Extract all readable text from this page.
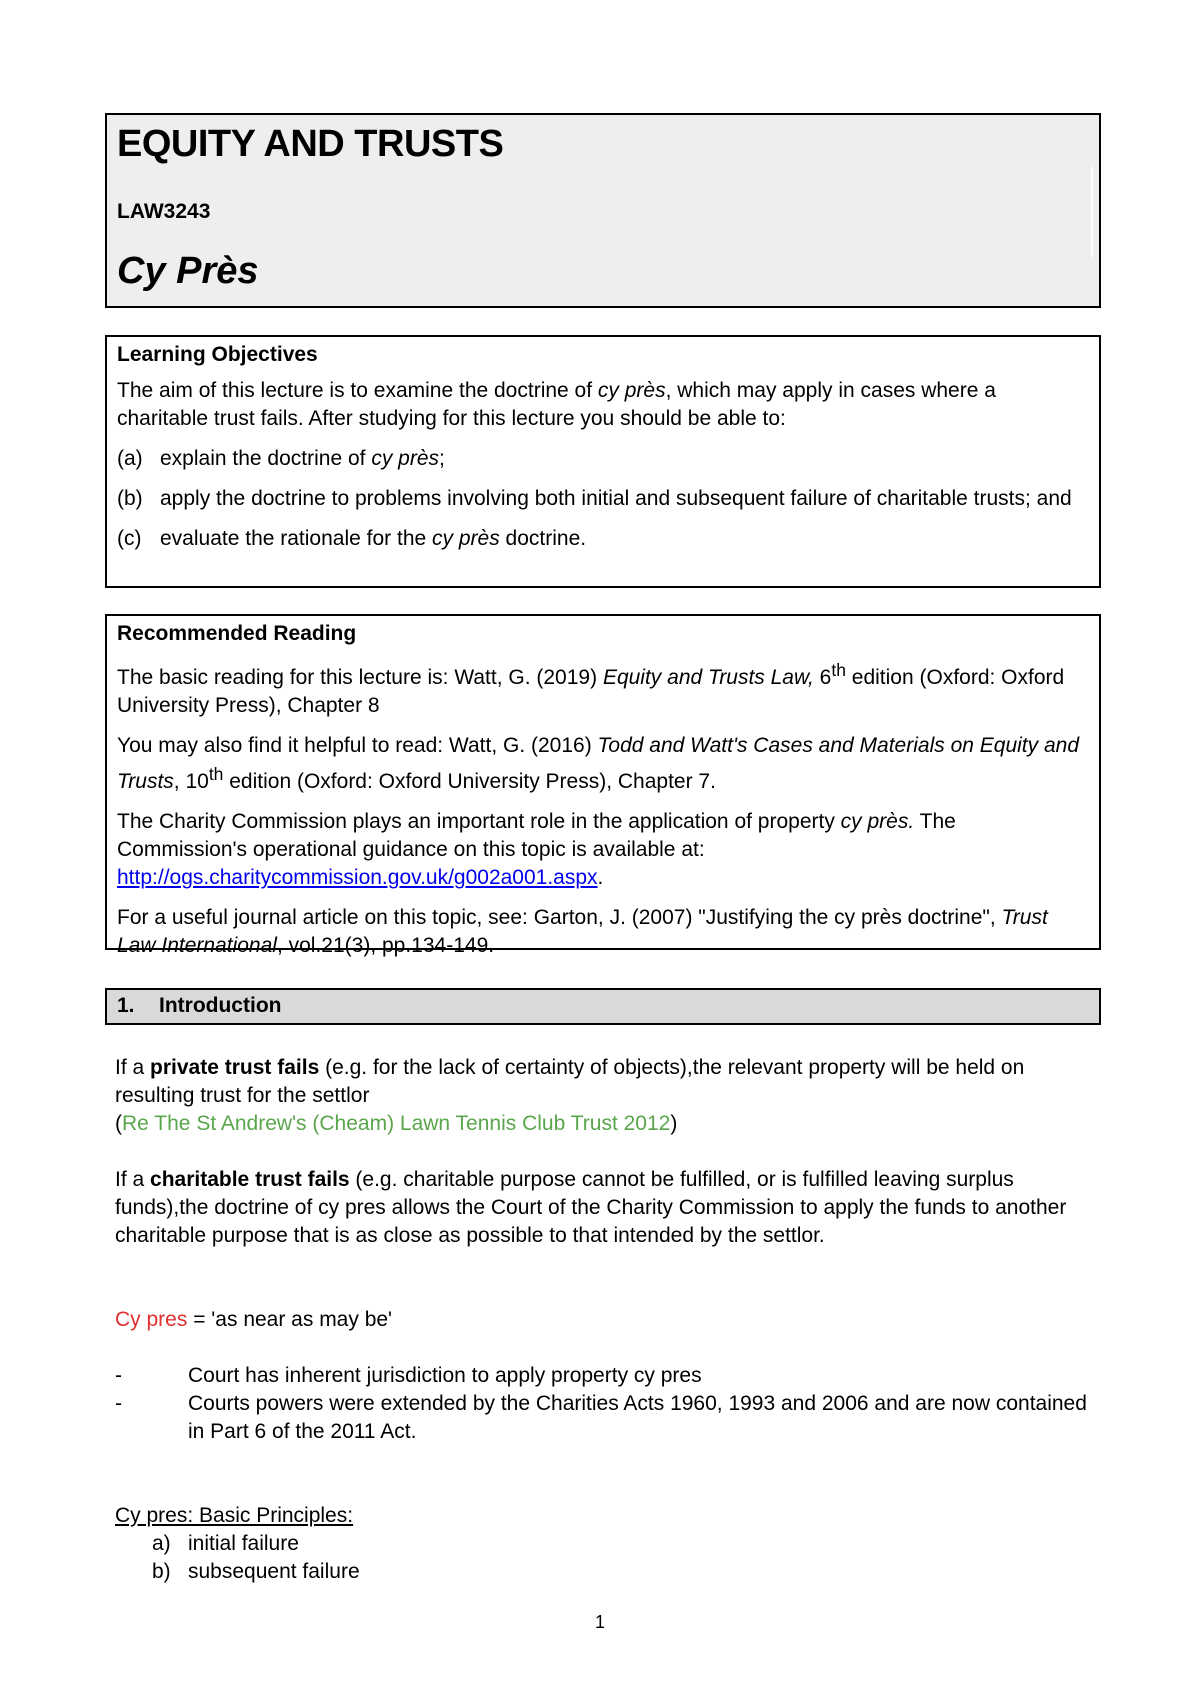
EQUITY AND TRUSTS
LAW3243
Cy Près

Learning Objectives

The aim of this lecture is to examine the doctrine of cy près, which may apply in cases where a charitable trust fails. After studying for this lecture you should be able to:

(a) explain the doctrine of cy près;
(b) apply the doctrine to problems involving both initial and subsequent failure of charitable trusts; and
(c) evaluate the rationale for the cy près doctrine.

Recommended Reading

The basic reading for this lecture is: Watt, G. (2019) Equity and Trusts Law, 6th edition (Oxford: Oxford University Press), Chapter 8

You may also find it helpful to read: Watt, G. (2016) Todd and Watt's Cases and Materials on Equity and Trusts, 10th edition (Oxford: Oxford University Press), Chapter 7.

The Charity Commission plays an important role in the application of property cy près. The Commission's operational guidance on this topic is available at: http://ogs.charitycommission.gov.uk/g002a001.aspx.

For a useful journal article on this topic, see: Garton, J. (2007) "Justifying the cy près doctrine", Trust Law International, vol.21(3), pp.134-149.

1. Introduction
If a private trust fails (e.g. for the lack of certainty of objects),the relevant property will be held on resulting trust for the settlor
(Re The St Andrew's (Cheam) Lawn Tennis Club Trust 2012)
If a charitable trust fails (e.g. charitable purpose cannot be fulfilled, or is fulfilled leaving surplus funds),the doctrine of cy pres allows the Court of the Charity Commission to apply the funds to another charitable purpose that is as close as possible to that intended by the settlor.
Cy pres = 'as near as may be'
-	Court has inherent jurisdiction to apply property cy pres
-	Courts powers were extended by the Charities Acts 1960, 1993 and 2006 and are now contained in Part 6 of the 2011 Act.
Cy pres: Basic Principles:
a) initial failure
b) subsequent failure
1
